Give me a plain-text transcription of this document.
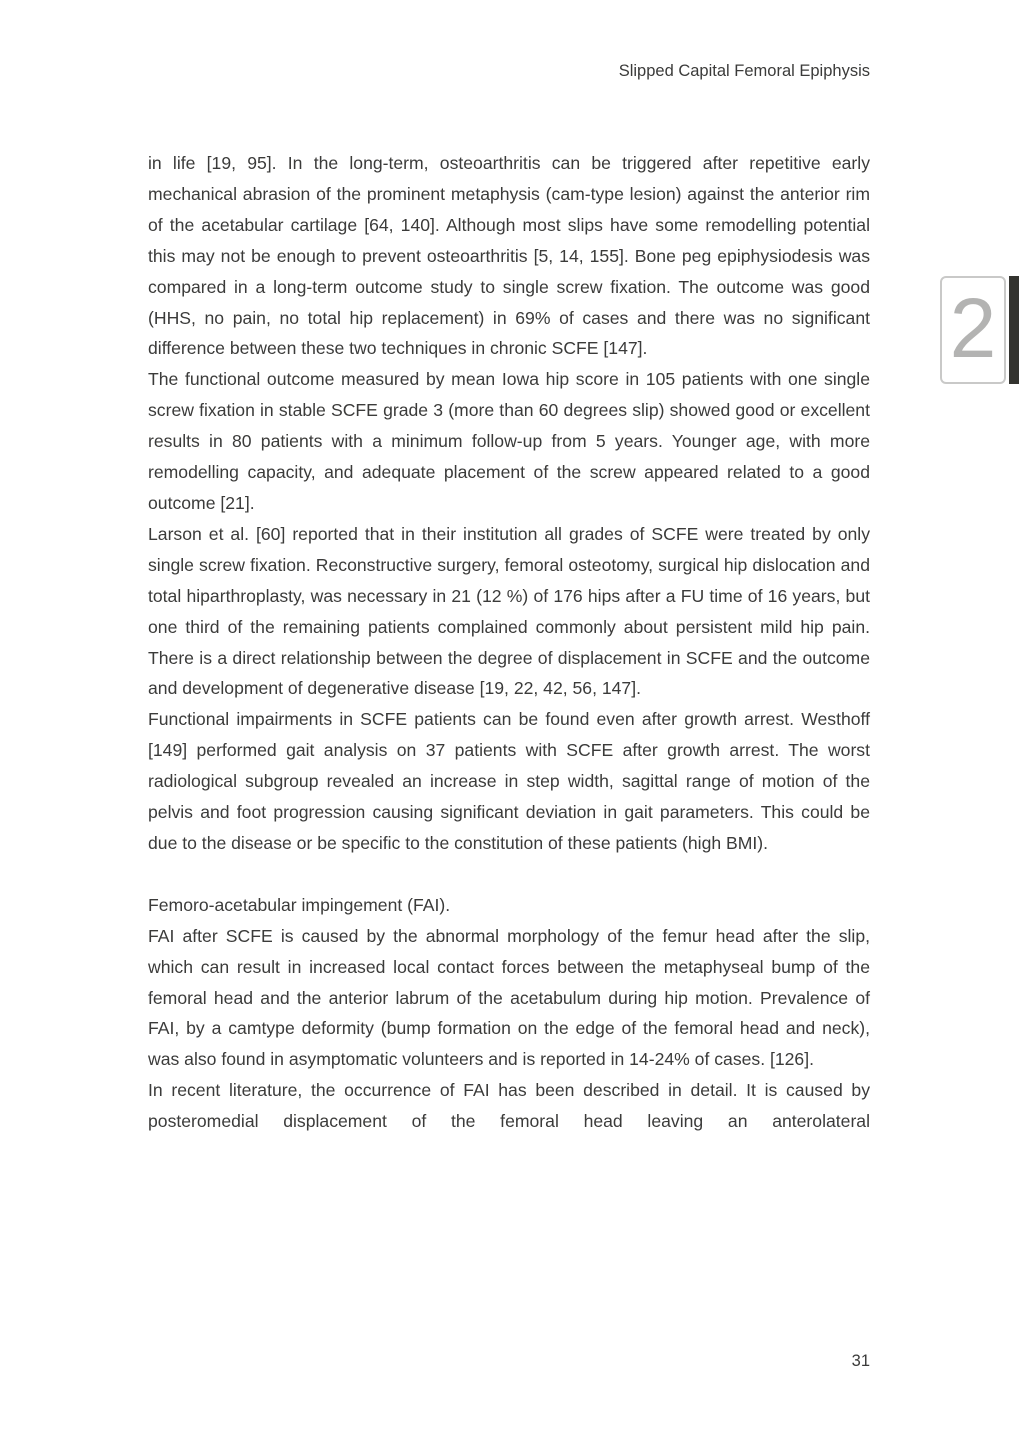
Slipped Capital Femoral Epiphysis
2

in life [19, 95]. In the long-term, osteoarthritis can be triggered after repetitive early mechanical abrasion of the prominent metaphysis (cam-type lesion) against the anterior rim of the acetabular cartilage [64, 140]. Although most slips have some remodelling potential this may not be enough to prevent osteoarthritis [5, 14, 155]. Bone peg epiphysiodesis was compared in a long-term outcome study to single screw fixation. The outcome was good (HHS, no pain, no total hip replacement) in 69% of cases and there was no significant difference between these two techniques in chronic SCFE [147].

The functional outcome measured by mean Iowa hip score in 105 patients with one single screw fixation in stable SCFE grade 3 (more than 60 degrees slip) showed good or excellent results in 80 patients with a minimum follow-up from 5 years. Younger age, with more remodelling capacity, and adequate placement of the screw appeared related to a good outcome [21].

Larson et al. [60] reported that in their institution all grades of SCFE were treated by only single screw fixation. Reconstructive surgery, femoral osteotomy, surgical hip dislocation and total hiparthroplasty, was necessary in 21 (12 %) of 176 hips after a FU time of 16 years, but one third of the remaining patients complained commonly about persistent mild hip pain. There is a direct relationship between the degree of displacement in SCFE and the outcome and development of degenerative disease [19, 22, 42, 56, 147].

Functional impairments in SCFE patients can be found even after growth arrest. Westhoff [149] performed gait analysis on 37 patients with SCFE after growth arrest. The worst radiological subgroup revealed an increase in step width, sagittal range of motion of the pelvis and foot progression causing significant deviation in gait parameters. This could be due to the disease or be specific to the constitution of these patients (high BMI).

Femoro-acetabular impingement (FAI).

FAI after SCFE is caused by the abnormal morphology of the femur head after the slip, which can result in increased local contact forces between the metaphyseal bump of the femoral head and the anterior labrum of the acetabulum during hip motion. Prevalence of FAI, by a camtype deformity (bump formation on the edge of the femoral head and neck), was also found in asymptomatic volunteers and is reported in 14-24% of cases. [126].

In recent literature, the occurrence of FAI has been described in detail. It is caused by posteromedial displacement of the femoral head leaving an anterolateral

31
